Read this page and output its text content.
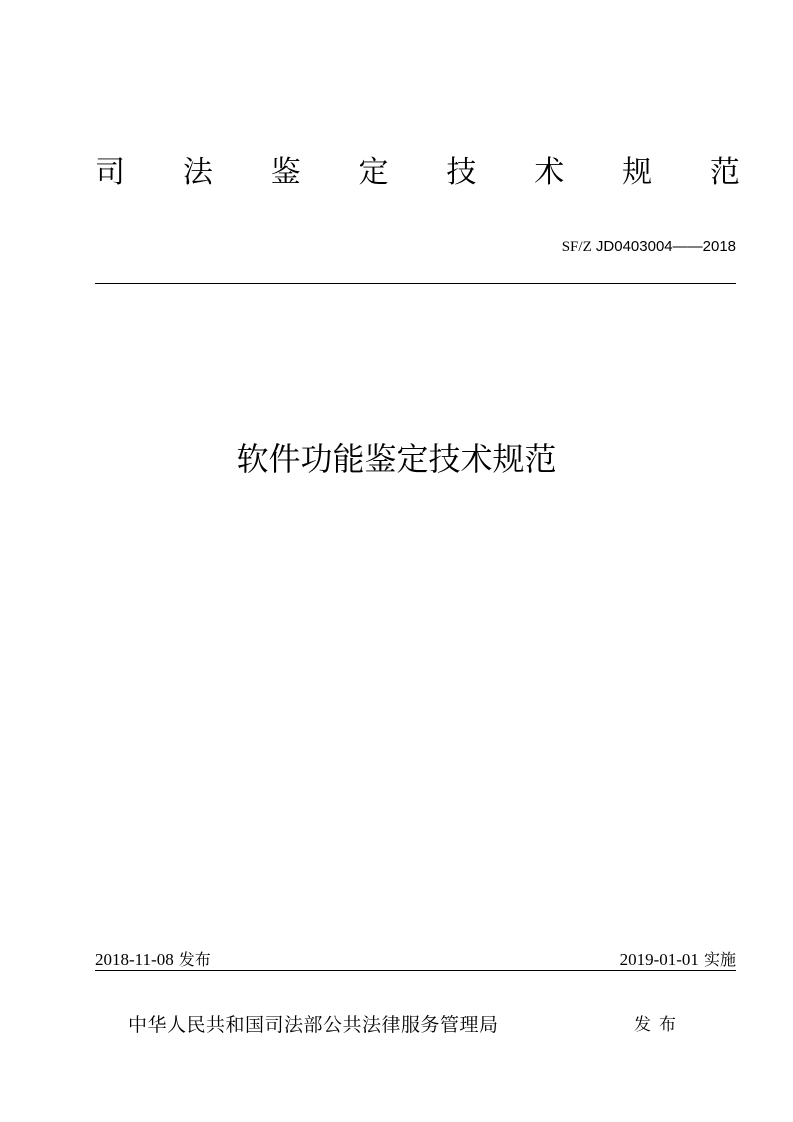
司 法 鉴 定 技 术 规 范
SF/Z JD0403004——2018
软件功能鉴定技术规范
2018-11-08 发布	2019-01-01 实施
中华人民共和国司法部公共法律服务管理局	发布
